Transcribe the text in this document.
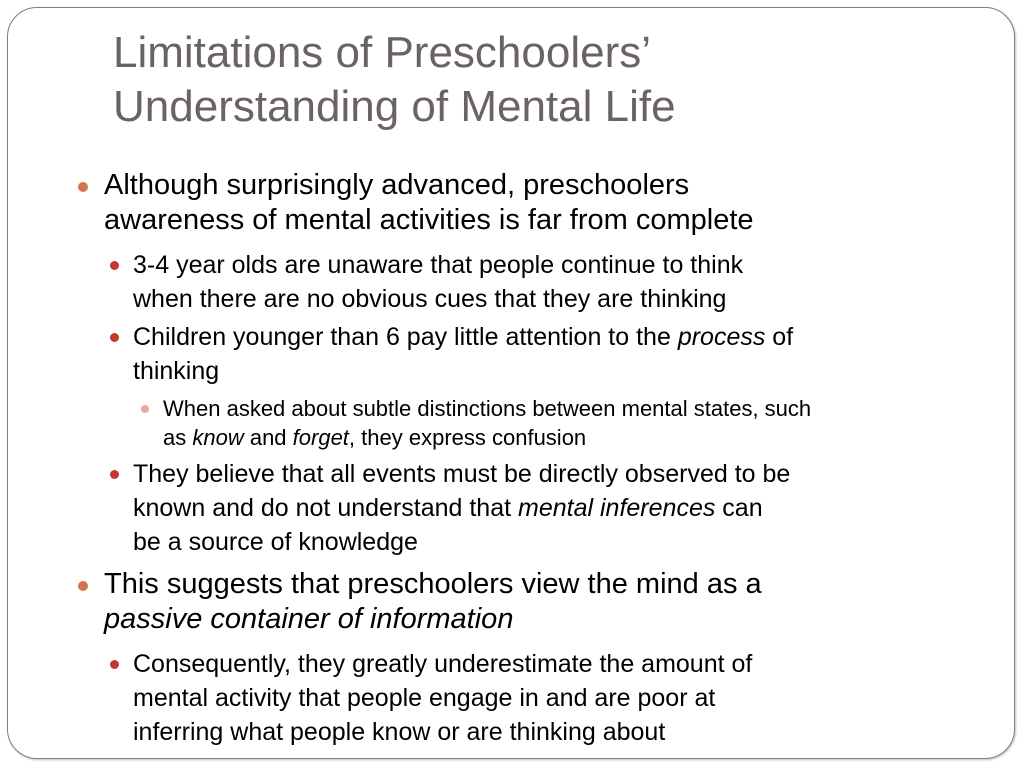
Limitations of Preschoolers’
Understanding of Mental Life
Although surprisingly advanced, preschoolers
awareness of mental activities is far from complete
3-4 year olds are unaware that people continue to think
when there are no obvious cues that they are thinking
Children younger than 6 pay little attention to the process of
thinking
When asked about subtle distinctions between mental states, such
as know and forget, they express confusion
They believe that all events must be directly observed to be
known and do not understand that mental inferences can
be a source of knowledge
This suggests that preschoolers view the mind as a
passive container of information
Consequently, they greatly underestimate the amount of
mental activity that people engage in and are poor at
inferring what people know or are thinking about
